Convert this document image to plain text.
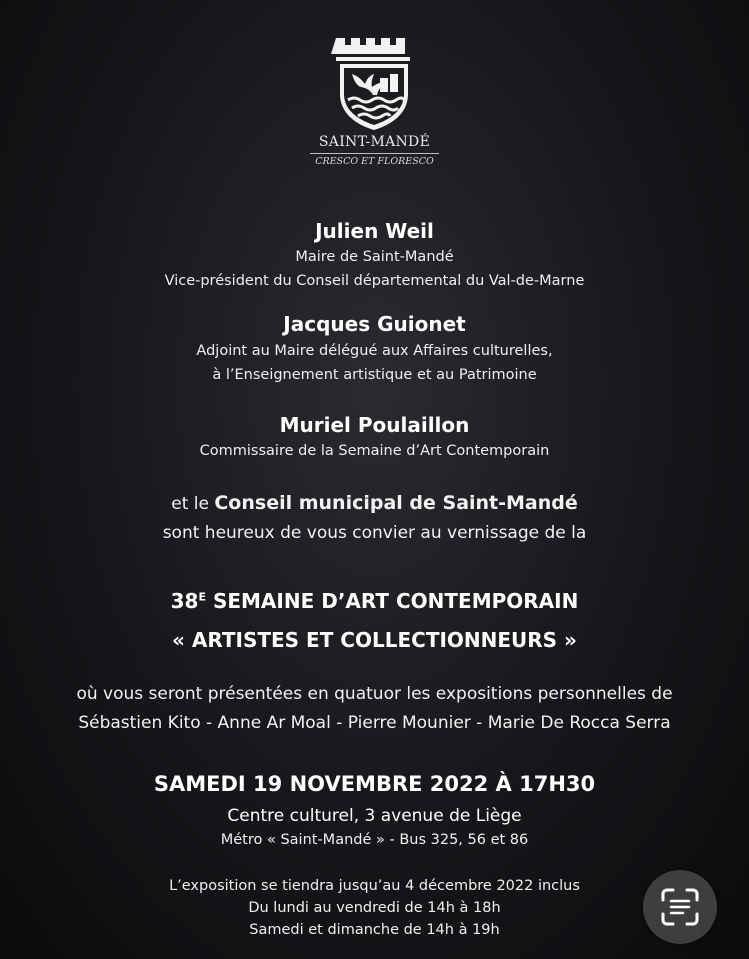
SAINT-MANDÉ
CRESCO ET FLORESCO
Julien Weil
Maire de Saint-Mandé
Vice-président du Conseil départemental du Val-de-Marne
Jacques Guionet
Adjoint au Maire délégué aux Affaires culturelles,
à l’Enseignement artistique et au Patrimoine
Muriel Poulaillon
Commissaire de la Semaine d’Art Contemporain
et le Conseil municipal de Saint-Mandé
sont heureux de vous convier au vernissage de la
$38^E$ SEMAINE D’ART CONTEMPORAIN
« ARTISTES ET COLLECTIONNEURS »
où vous seront présentées en quatuor les expositions personnelles de
Sébastien Kito - Anne Ar Moal - Pierre Mounier - Marie De Rocca Serra
SAMEDI 19 NOVEMBRE 2022 À 17H30
Centre culturel, 3 avenue de Liège
Métro « Saint-Mandé » - Bus 325, 56 et 86
L’exposition se tiendra jusqu’au 4 décembre 2022 inclus
Du lundi au vendredi de 14h à 18h
Samedi et dimanche de 14h à 19h
